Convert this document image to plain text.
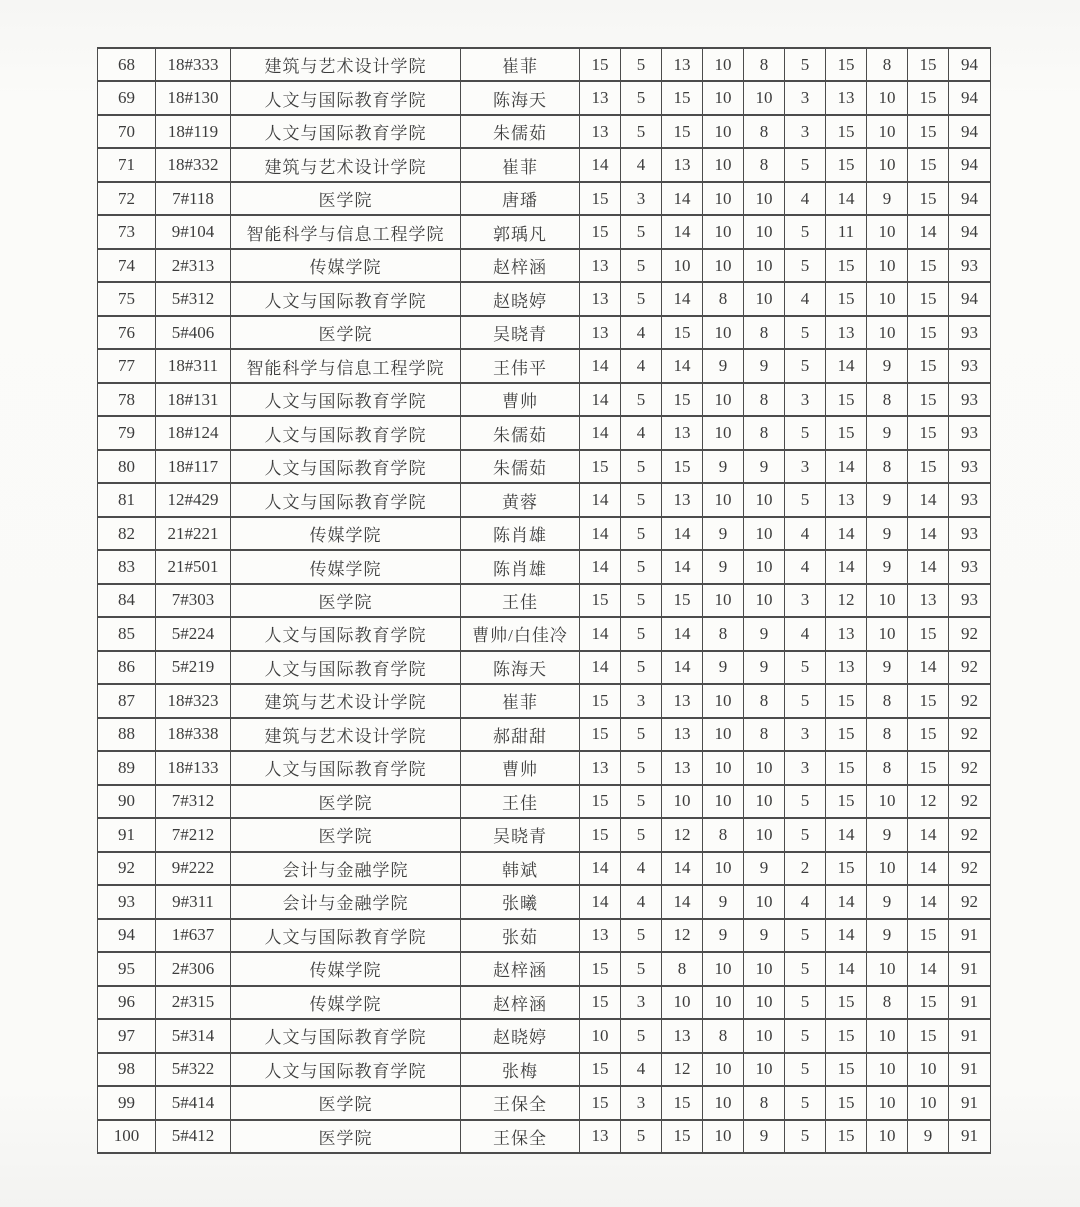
68	18#333	建筑与艺术设计学院	崔菲	15	5	13	10	8	5	15	8	15	94
69	18#130	人文与国际教育学院	陈海天	13	5	15	10	10	3	13	10	15	94
70	18#119	人文与国际教育学院	朱儒茹	13	5	15	10	8	3	15	10	15	94
71	18#332	建筑与艺术设计学院	崔菲	14	4	13	10	8	5	15	10	15	94
72	7#118	医学院	唐璠	15	3	14	10	10	4	14	9	15	94
73	9#104	智能科学与信息工程学院	郭瑀凡	15	5	14	10	10	5	11	10	14	94
74	2#313	传媒学院	赵梓涵	13	5	10	10	10	5	15	10	15	93
75	5#312	人文与国际教育学院	赵晓婷	13	5	14	8	10	4	15	10	15	94
76	5#406	医学院	吴晓青	13	4	15	10	8	5	13	10	15	93
77	18#311	智能科学与信息工程学院	王伟平	14	4	14	9	9	5	14	9	15	93
78	18#131	人文与国际教育学院	曹帅	14	5	15	10	8	3	15	8	15	93
79	18#124	人文与国际教育学院	朱儒茹	14	4	13	10	8	5	15	9	15	93
80	18#117	人文与国际教育学院	朱儒茹	15	5	15	9	9	3	14	8	15	93
81	12#429	人文与国际教育学院	黄蓉	14	5	13	10	10	5	13	9	14	93
82	21#221	传媒学院	陈肖雄	14	5	14	9	10	4	14	9	14	93
83	21#501	传媒学院	陈肖雄	14	5	14	9	10	4	14	9	14	93
84	7#303	医学院	王佳	15	5	15	10	10	3	12	10	13	93
85	5#224	人文与国际教育学院	曹帅/白佳冷	14	5	14	8	9	4	13	10	15	92
86	5#219	人文与国际教育学院	陈海天	14	5	14	9	9	5	13	9	14	92
87	18#323	建筑与艺术设计学院	崔菲	15	3	13	10	8	5	15	8	15	92
88	18#338	建筑与艺术设计学院	郝甜甜	15	5	13	10	8	3	15	8	15	92
89	18#133	人文与国际教育学院	曹帅	13	5	13	10	10	3	15	8	15	92
90	7#312	医学院	王佳	15	5	10	10	10	5	15	10	12	92
91	7#212	医学院	吴晓青	15	5	12	8	10	5	14	9	14	92
92	9#222	会计与金融学院	韩斌	14	4	14	10	9	2	15	10	14	92
93	9#311	会计与金融学院	张曦	14	4	14	9	10	4	14	9	14	92
94	1#637	人文与国际教育学院	张茹	13	5	12	9	9	5	14	9	15	91
95	2#306	传媒学院	赵梓涵	15	5	8	10	10	5	14	10	14	91
96	2#315	传媒学院	赵梓涵	15	3	10	10	10	5	15	8	15	91
97	5#314	人文与国际教育学院	赵晓婷	10	5	13	8	10	5	15	10	15	91
98	5#322	人文与国际教育学院	张梅	15	4	12	10	10	5	15	10	10	91
99	5#414	医学院	王保全	15	3	15	10	8	5	15	10	10	91
100	5#412	医学院	王保全	13	5	15	10	9	5	15	10	9	91
